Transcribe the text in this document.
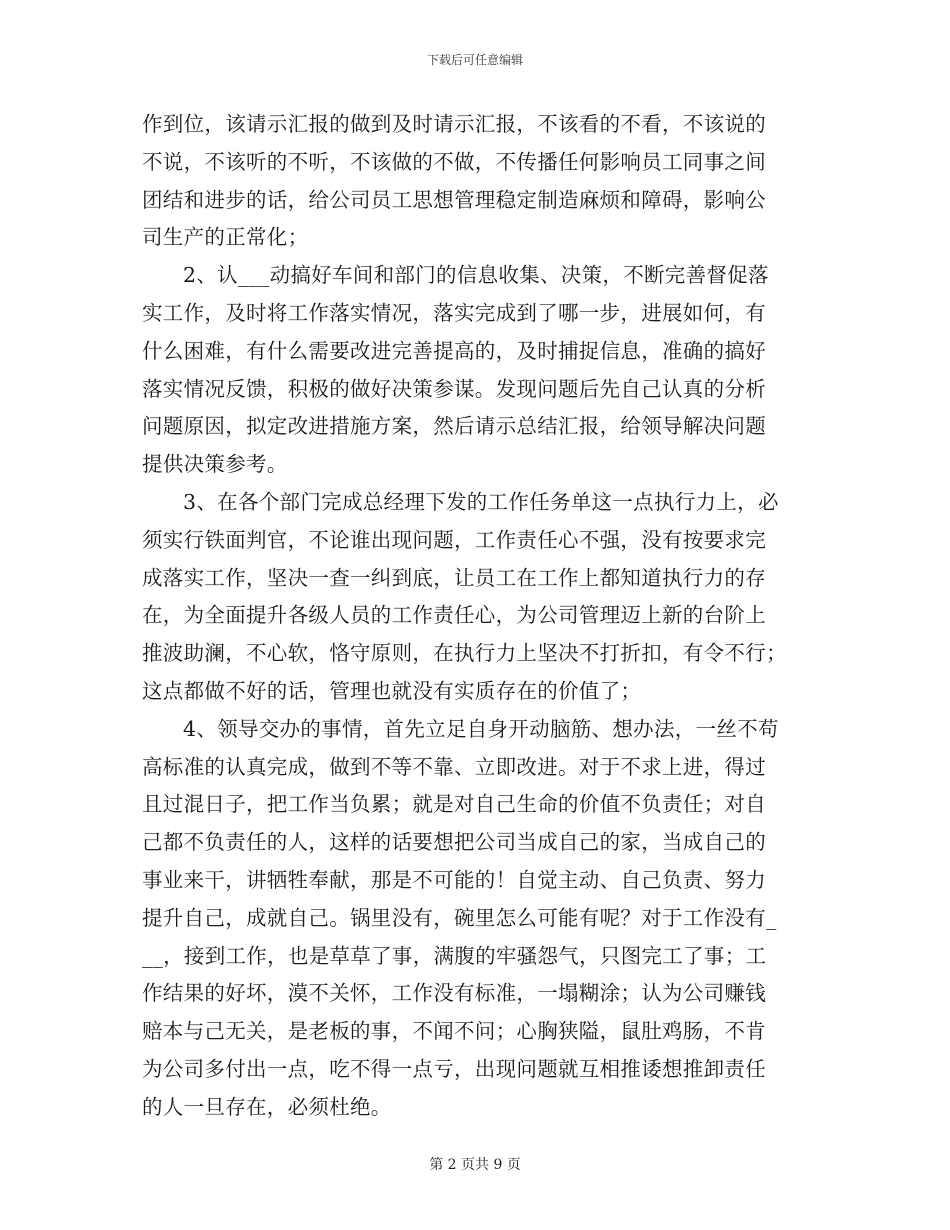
下载后可任意编辑
作到位，该请示汇报的做到及时请示汇报，不该看的不看，不该说的
不说，不该听的不听，不该做的不做，不传播任何影响员工同事之间
团结和进步的话，给公司员工思想管理稳定制造麻烦和障碍，影响公
司生产的正常化；
2、认___动搞好车间和部门的信息收集、决策，不断完善督促落
实工作，及时将工作落实情况，落实完成到了哪一步，进展如何，有
什么困难，有什么需要改进完善提高的，及时捕捉信息，准确的搞好
落实情况反馈，积极的做好决策参谋。发现问题后先自己认真的分析
问题原因，拟定改进措施方案，然后请示总结汇报，给领导解决问题
提供决策参考。
3、在各个部门完成总经理下发的工作任务单这一点执行力上，必
须实行铁面判官，不论谁出现问题，工作责任心不强，没有按要求完
成落实工作，坚决一查一纠到底，让员工在工作上都知道执行力的存
在，为全面提升各级人员的工作责任心，为公司管理迈上新的台阶上
推波助澜，不心软，恪守原则，在执行力上坚决不打折扣，有令不行；
这点都做不好的话，管理也就没有实质存在的价值了；
4、领导交办的事情，首先立足自身开动脑筋、想办法，一丝不苟
高标准的认真完成，做到不等不靠、立即改进。对于不求上进，得过
且过混日子，把工作当负累；就是对自己生命的价值不负责任；对自
己都不负责任的人，这样的话要想把公司当成自己的家，当成自己的
事业来干，讲牺牲奉献，那是不可能的！自觉主动、自己负责、努力
提升自己，成就自己。锅里没有，碗里怎么可能有呢？对于工作没有_
__，接到工作，也是草草了事，满腹的牢骚怨气，只图完工了事；工
作结果的好坏，漠不关怀，工作没有标准，一塌糊涂；认为公司赚钱
赔本与己无关，是老板的事，不闻不问；心胸狭隘，鼠肚鸡肠，不肯
为公司多付出一点，吃不得一点亏，出现问题就互相推诿想推卸责任
的人一旦存在，必须杜绝。
第 2 页共 9 页
